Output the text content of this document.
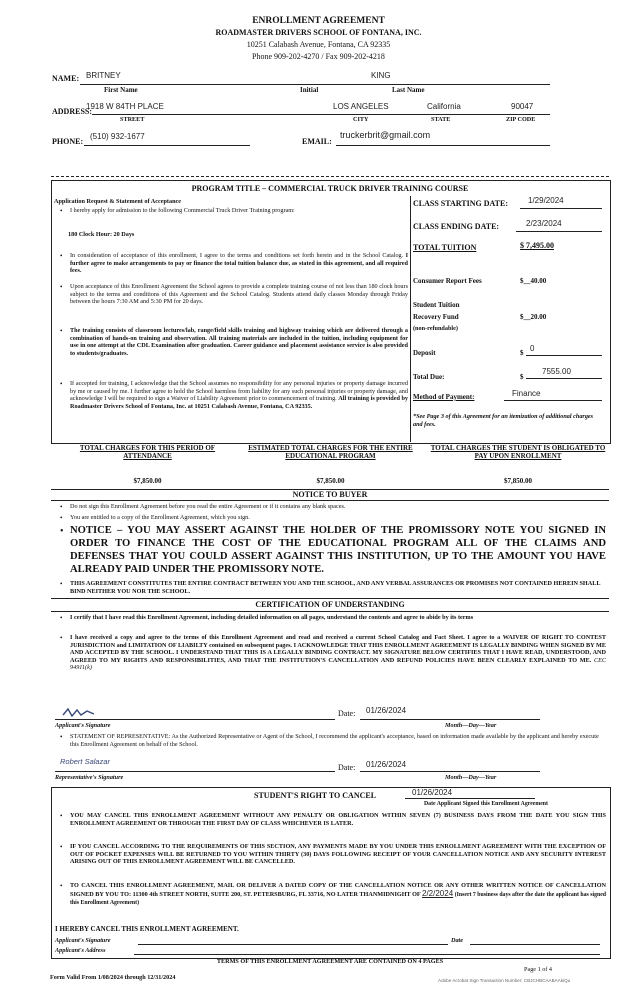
ENROLLMENT AGREEMENT
ROADMASTER DRIVERS SCHOOL OF FONTANA, INC.
10251 Calabash Avenue, Fontana, CA 92335
Phone 909-202-4270 / Fax 909-202-4218
NAME: BRITNEY	KING
First Name	Initial	Last Name
ADDRESS:
1918 W 84TH PLACE	LOS ANGELES	California	90047
STREET	CITY	STATE	ZIP CODE
PHONE:
(510) 932-1677
EMAIL:
truckerbrit@gmail.com
PROGRAM TITLE – COMMERCIAL TRUCK DRIVER TRAINING COURSE
Application Request & Statement of Acceptance
• I hereby apply for admission to the following Commercial Truck Driver Training program:
180 Clock Hour: 20 Days
• In consideration of acceptance of this enrollment, I agree to the terms and conditions set forth herein and in the School Catalog. I further agree to make arrangements to pay or finance the total tuition balance due, as stated in this agreement, and all required fees.
• Upon acceptance of this Enrollment Agreement the School agrees to provide a complete training course of not less than 180 clock hours subject to the terms and conditions of this Agreement and the School Catalog. Students attend daily classes Monday through Friday between the hours 7:30 AM and 5:30 PM for 20 days.
• The training consists of classroom lectures/lab, range/field skills training and highway training which are delivered through a combination of hands-on training and observation. All training materials are included in the tuition, including equipment for use in one attempt at the CDL Examination after graduation. Career guidance and placement assistance service is also provided to students/graduates.
• If accepted for training, I acknowledge that the School assumes no responsibility for any personal injuries or property damage incurred by me or caused by me. I further agree to hold the School harmless from liability for any such personal injuries or property damage, and acknowledge I will be required to sign a Waiver of Liability Agreement prior to commencement of training. All training is provided by Roadmaster Drivers School of Fontana, Inc. at 10251 Calabash Avenue, Fontana, CA 92335.
CLASS STARTING DATE:	1/29/2024
CLASS ENDING DATE:	2/23/2024
TOTAL TUITION	$ 7,495.00
Consumer Report Fees	$__40.00
Student Tuition
Recovery Fund
(non-refundable)
$__20.00
Deposit	$ 0
Total Due:	$
7555.00
Method of Payment:	Finance
*See Page 3 of this Agreement for an itemization of additional charges and fees.
TOTAL CHARGES FOR THIS PERIOD OF ATTENDANCE
$7,850.00
ESTIMATED TOTAL CHARGES FOR THE ENTIRE EDUCATIONAL PROGRAM
$7,850.00
TOTAL CHARGES THE STUDENT IS OBLIGATED TO PAY UPON ENROLLMENT
$7,850.00
NOTICE TO BUYER
• Do not sign this Enrollment Agreement before you read the entire Agreement or if it contains any blank spaces.
• You are entitled to a copy of the Enrollment Agreement, which you sign.
• NOTICE – YOU MAY ASSERT AGAINST THE HOLDER OF THE PROMISSORY NOTE YOU SIGNED IN ORDER TO FINANCE THE COST OF THE EDUCATIONAL PROGRAM ALL OF THE CLAIMS AND DEFENSES THAT YOU COULD ASSERT AGAINST THIS INSTITUTION, UP TO THE AMOUNT YOU HAVE ALREADY PAID UNDER THE PROMISSORY NOTE.
• THIS AGREEMENT CONSTITUTES THE ENTIRE CONTRACT BETWEEN YOU AND THE SCHOOL, AND ANY VERBAL ASSURANCES OR PROMISES NOT CONTAINED HEREIN SHALL BIND NEITHER YOU NOR THE SCHOOL.
CERTIFICATION OF UNDERSTANDING
• I certify that I have read this Enrollment Agreement, including detailed information on all pages, understand the contents and agree to abide by its terms
• I have received a copy and agree to the terms of this Enrollment Agreement and read and received a current School Catalog and Fact Sheet. I agree to a WAIVER OF RIGHT TO CONTEST JURISDICTION and LIMITATION OF LIABILTY contained on subsequent pages. I ACKNOWLEDGE THAT THIS ENROLLMENT AGREEMENT IS LEGALLY BINDING WHEN SIGNED BY ME AND ACCEPTED BY THE SCHOOL. I UNDERSTAND THAT THIS IS A LEGALLY BINDING CONTRACT. MY SIGNATURE BELOW CERTIFIES THAT I HAVE READ, UNDERSTOOD, AND AGREED TO MY RIGHTS AND RESPONSIBILITIES, AND THAT THE INSTITUTION'S CANCELLATION AND REFUND POLICIES HAVE BEEN CLEARLY EXPLAINED TO ME. CEC 94911(k)
Applicant's Signature
Date: 01/26/2024
Month—Day—Year
• STATEMENT OF REPRESENTATIVE: As the Authorized Representative or Agent of the School, I recommend the applicant's acceptance, based on information made available by the applicant and hereby execute this Enrollment Agreement on behalf of the School.
Robert Salazar
Representative's Signature
Date: 01/26/2024
Month—Day—Year
STUDENT'S RIGHT TO CANCEL	01/26/2024
Date Applicant Signed this Enrollment Agreement
• YOU MAY CANCEL THIS ENROLLMENT AGREEMENT WITHOUT ANY PENALTY OR OBLIGATION WITHIN SEVEN (7) BUSINESS DAYS FROM THE DATE YOU SIGN THIS ENROLLMENT AGREEMENT OR THROUGH THE FIRST DAY OF CLASS WHICHEVER IS LATER.
• IF YOU CANCEL ACCORDING TO THE REQUIREMENTS OF THIS SECTION, ANY PAYMENTS MADE BY YOU UNDER THIS ENROLLMENT AGREEMENT WITH THE EXCEPTION OF OUT OF POCKET EXPENSES WILL BE RETURNED TO YOU WITHIN THIRTY (30) DAYS FOLLOWING RECEIPT OF YOUR CANCELLATION NOTICE AND ANY SECURITY INTEREST ARISING OUT OF THIS ENROLLMENT AGREEMENT WILL BE CANCELLED.
• TO CANCEL THIS ENROLLMENT AGREEMENT, MAIL OR DELIVER A DATED COPY OF THE CANCELLATION NOTICE OR ANY OTHER WRITTEN NOTICE OF CANCELLATION SIGNED BY YOU TO: 11300 4th STREET NORTH, SUITE 200, ST. PETERSBURG, FL 33716, NO LATER THANMIDNIGHT OF 2/2/2024 (Insert 7 business days after the date the applicant has signed this Enrollment Agreement)
I HEREBY CANCEL THIS ENROLLMENT AGREEMENT.
Applicant's Signature	Date
Applicant's Address
TERMS OF THIS ENROLLMENT AGREEMENT ARE CONTAINED ON 4 PAGES
Form Valid From 1/08/2024 through 12/31/2024
Page 1 of 4
Adobe Acrobat Sign Transaction Number: CBJCHBCAABAAkiQu
